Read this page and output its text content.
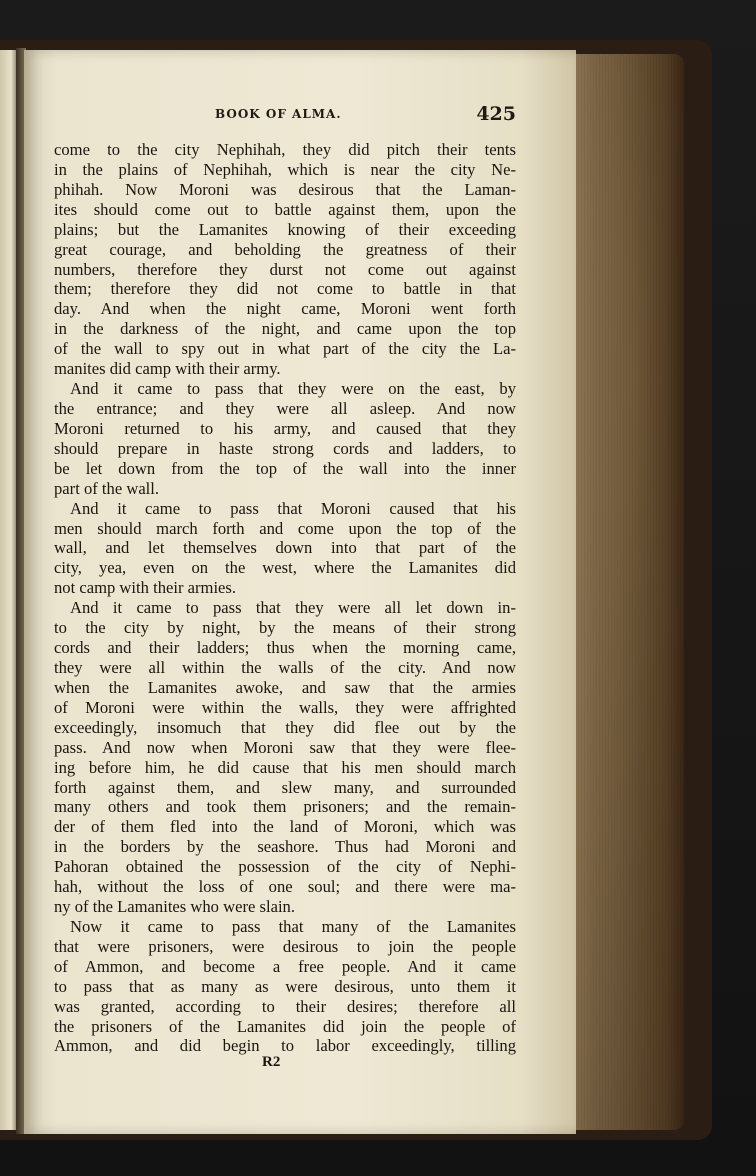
BOOK OF ALMA.	425
come to the city Nephihah, they did pitch their tents
in the plains of Nephihah, which is near the city Ne-
phihah. Now Moroni was desirous that the Laman-
ites should come out to battle against them, upon the
plains; but the Lamanites knowing of their exceeding
great courage, and beholding the greatness of their
numbers, therefore they durst not come out against
them; therefore they did not come to battle in that
day. And when the night came, Moroni went forth
in the darkness of the night, and came upon the top
of the wall to spy out in what part of the city the La-
manites did camp with their army.
And it came to pass that they were on the east, by
the entrance; and they were all asleep. And now
Moroni returned to his army, and caused that they
should prepare in haste strong cords and ladders, to
be let down from the top of the wall into the inner
part of the wall.
And it came to pass that Moroni caused that his
men should march forth and come upon the top of the
wall, and let themselves down into that part of the
city, yea, even on the west, where the Lamanites did
not camp with their armies.
And it came to pass that they were all let down in-
to the city by night, by the means of their strong
cords and their ladders; thus when the morning came,
they were all within the walls of the city. And now
when the Lamanites awoke, and saw that the armies
of Moroni were within the walls, they were affrighted
exceedingly, insomuch that they did flee out by the
pass. And now when Moroni saw that they were flee-
ing before him, he did cause that his men should march
forth against them, and slew many, and surrounded
many others and took them prisoners; and the remain-
der of them fled into the land of Moroni, which was
in the borders by the seashore. Thus had Moroni and
Pahoran obtained the possession of the city of Nephi-
hah, without the loss of one soul; and there were ma-
ny of the Lamanites who were slain.
Now it came to pass that many of the Lamanites
that were prisoners, were desirous to join the people
of Ammon, and become a free people. And it came
to pass that as many as were desirous, unto them it
was granted, according to their desires; therefore all
the prisoners of the Lamanites did join the people of
Ammon, and did begin to labor exceedingly, tilling
R2
